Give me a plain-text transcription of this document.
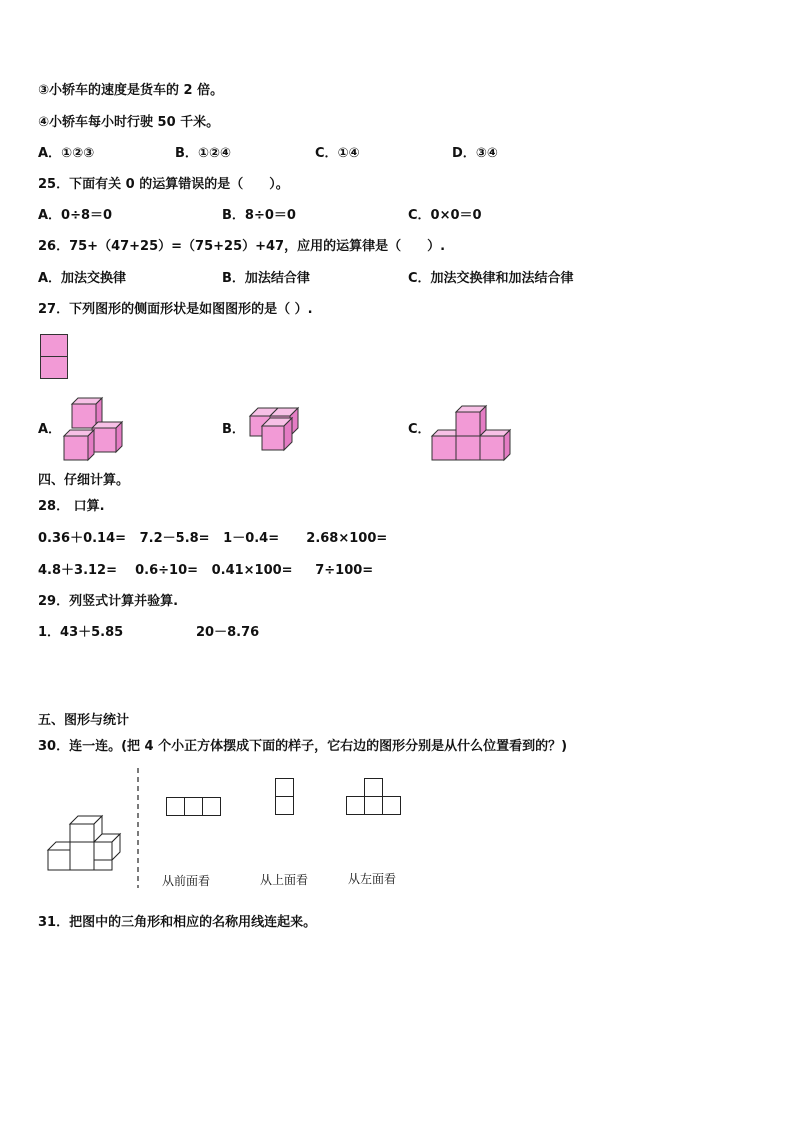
③小轿车的速度是货车的 2 倍。
④小轿车每小时行驶 50 千米。
A．①②③	B．①②④	C．①④	D．③④
25．下面有关 0 的运算错误的是（　　）。
A．0÷8＝0	B．8÷0＝0	C．0×0＝0
26．75+（47+25）=（75+25）+47，应用的运算律是（　　）.
A．加法交换律	B．加法结合律	C．加法交换律和加法结合律
27．下列图形的侧面形状是如图图形的是（ ）.
A．	B．	C．
四、仔细计算。
28． 口算.
0.36＋0.14=   7.2－5.8=   1－0.4=      2.68×100=
4.8＋3.12=    0.6÷10=   0.41×100=     7÷100=
29．列竖式计算并验算.
1．43＋5.85	20－8.76
五、图形与统计
30．连一连。(把 4 个小正方体摆成下面的样子，它右边的图形分别是从什么位置看到的？)
从前面看	从上面看	从左面看
31．把图中的三角形和相应的名称用线连起来。
